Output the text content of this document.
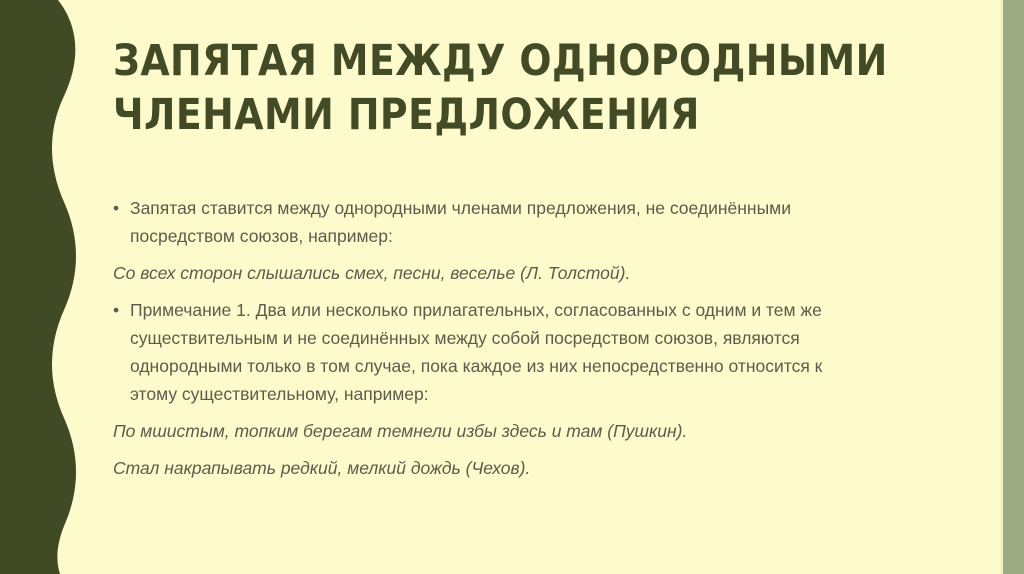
ЗАПЯТАЯ МЕЖДУ ОДНОРОДНЫМИ
ЧЛЕНАМИ ПРЕДЛОЖЕНИЯ
• Запятая ставится между однородными членами предложения, не соединёнными
посредством союзов, например:
Со всех сторон слышались смех, песни, веселье (Л. Толстой).
• Примечание 1. Два или несколько прилагательных, согласованных с одним и тем же
существительным и не соединённых между собой посредством союзов, являются
однородными только в том случае, пока каждое из них непосредственно относится к
этому существительному, например:
По мшистым, топким берегам темнели избы здесь и там (Пушкин).
Стал накрапывать редкий, мелкий дождь (Чехов).
